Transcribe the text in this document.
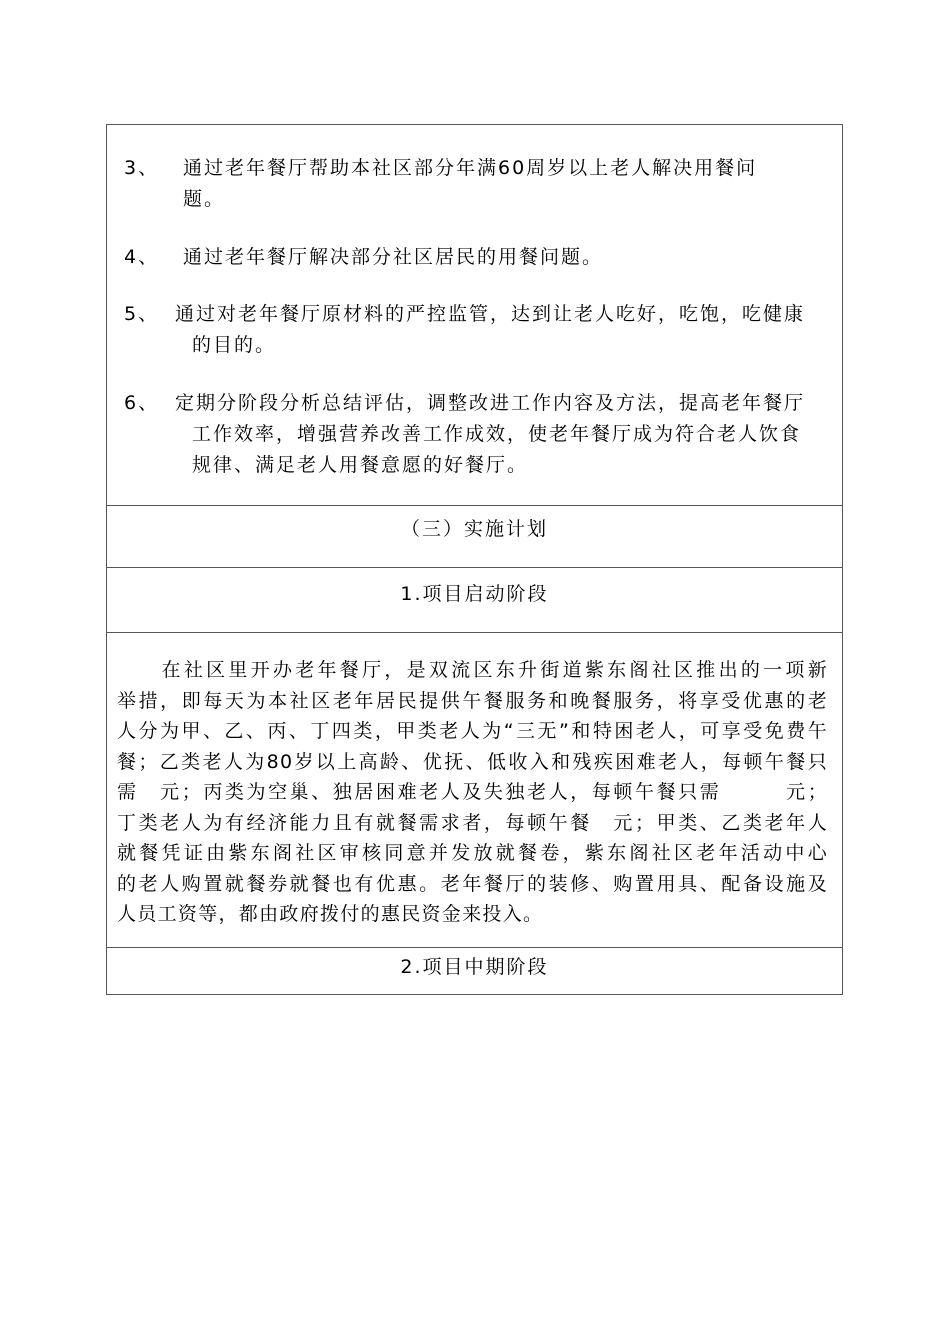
3、 通过老年餐厅帮助本社区部分年满60周岁以上老人解决用餐问
题。
4、 通过老年餐厅解决部分社区居民的用餐问题。
5、 通过对老年餐厅原材料的严控监管，达到让老人吃好，吃饱，吃健康
的目的。
6、 定期分阶段分析总结评估，调整改进工作内容及方法，提高老年餐厅
工作效率，增强营养改善工作成效，使老年餐厅成为符合老人饮食
规律、满足老人用餐意愿的好餐厅。

（三）实施计划
1.项目启动阶段

　　在社区里开办老年餐厅，是双流区东升街道紫东阁社区推出的一项新
举措，即每天为本社区老年居民提供午餐服务和晚餐服务，将享受优惠的老
人分为甲、乙、丙、丁四类，甲类老人为“三无”和特困老人，可享受免费午
餐；乙类老人为80岁以上高龄、优抚、低收入和残疾困难老人，每顿午餐只
需　元；丙类为空巢、独居困难老人及失独老人，每顿午餐只需　　　元；
丁类老人为有经济能力且有就餐需求者，每顿午餐　元；甲类、乙类老年人
就餐凭证由紫东阁社区审核同意并发放就餐卷，紫东阁社区老年活动中心
的老人购置就餐券就餐也有优惠。老年餐厅的装修、购置用具、配备设施及
人员工资等，都由政府拨付的惠民资金来投入。

2.项目中期阶段
